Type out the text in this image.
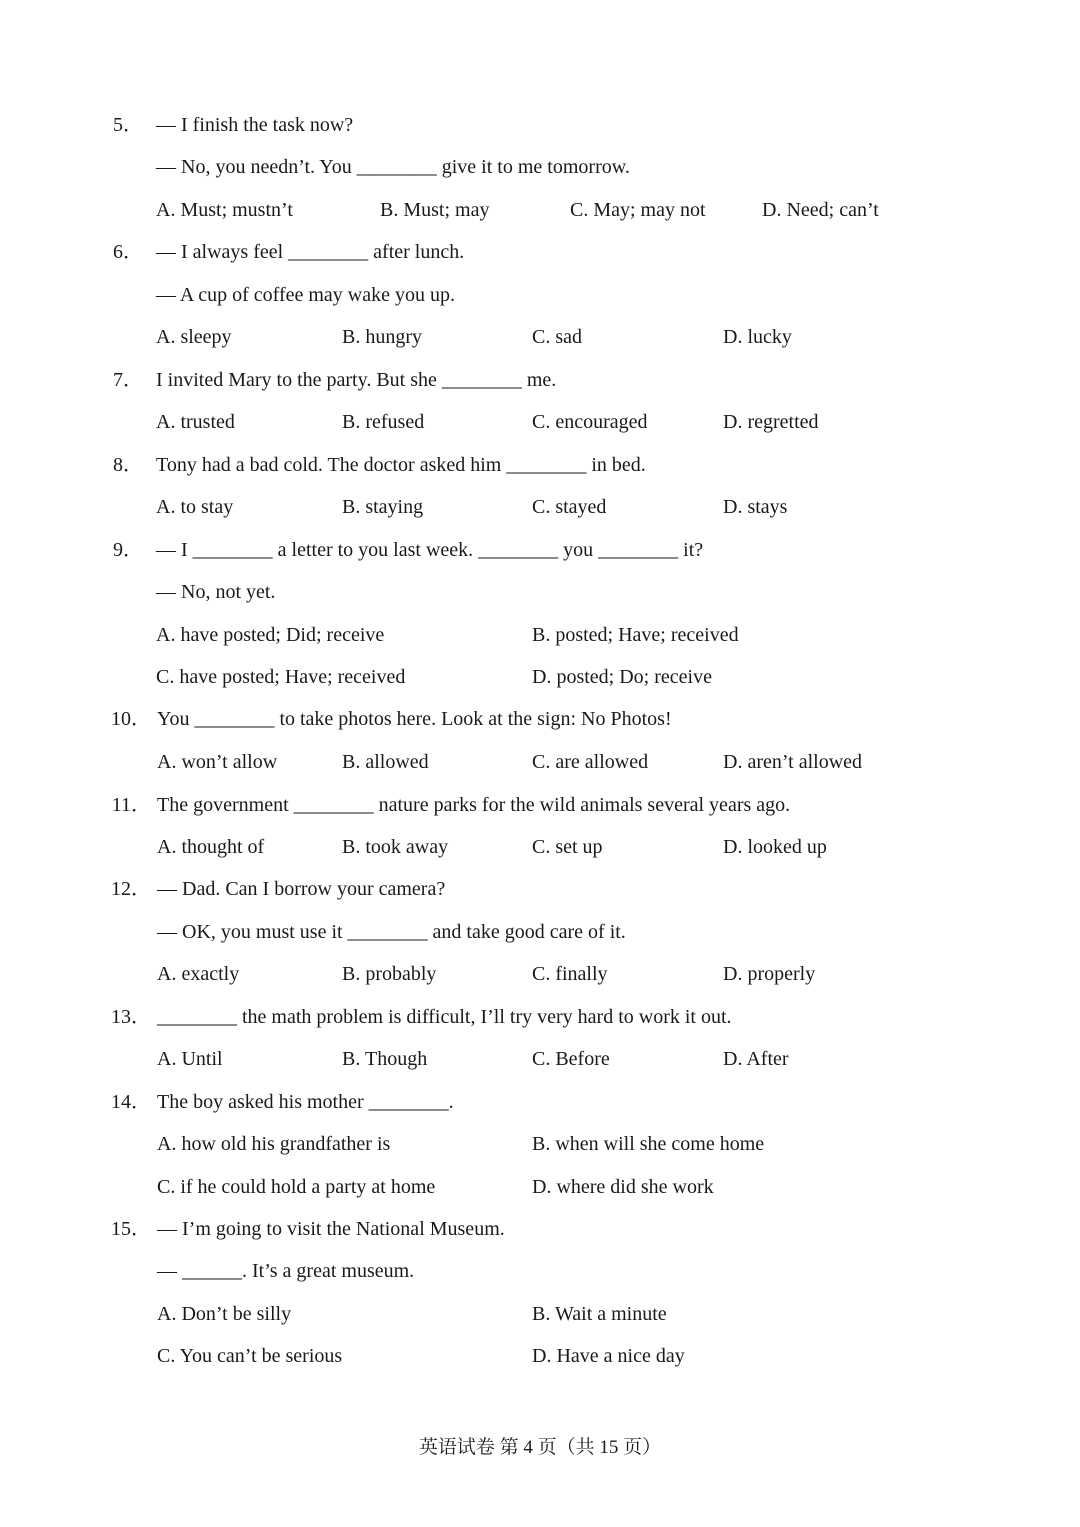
5． — I finish the task now?
— No, you needn’t. You ________ give it to me tomorrow.
A. Must; mustn’t	B. Must; may	C. May; may not	D. Need; can’t
6． — I always feel ________ after lunch.
— A cup of coffee may wake you up.
A. sleepy	B. hungry	C. sad	D. lucky
7． I invited Mary to the party. But she ________ me.
A. trusted	B. refused	C. encouraged	D. regretted
8． Tony had a bad cold. The doctor asked him ________ in bed.
A. to stay	B. staying	C. stayed	D. stays
9． — I ________ a letter to you last week. ________ you ________ it?
— No, not yet.
A. have posted; Did; receive	B. posted; Have; received
C. have posted; Have; received	D. posted; Do; receive
10． You ________ to take photos here. Look at the sign: No Photos!
A. won’t allow	B. allowed	C. are allowed	D. aren’t allowed
11． The government ________ nature parks for the wild animals several years ago.
A. thought of	B. took away	C. set up	D. looked up
12． — Dad. Can I borrow your camera?
— OK, you must use it ________ and take good care of it.
A. exactly	B. probably	C. finally	D. properly
13． ________ the math problem is difficult, I’ll try very hard to work it out.
A. Until	B. Though	C. Before	D. After
14． The boy asked his mother ________.
A. how old his grandfather is	B. when will she come home
C. if he could hold a party at home	D. where did she work
15． — I’m going to visit the National Museum.
— ______. It’s a great museum.
A. Don’t be silly	B. Wait a minute
C. You can’t be serious	D. Have a nice day
英语试卷 第 4 页（共 15 页）
